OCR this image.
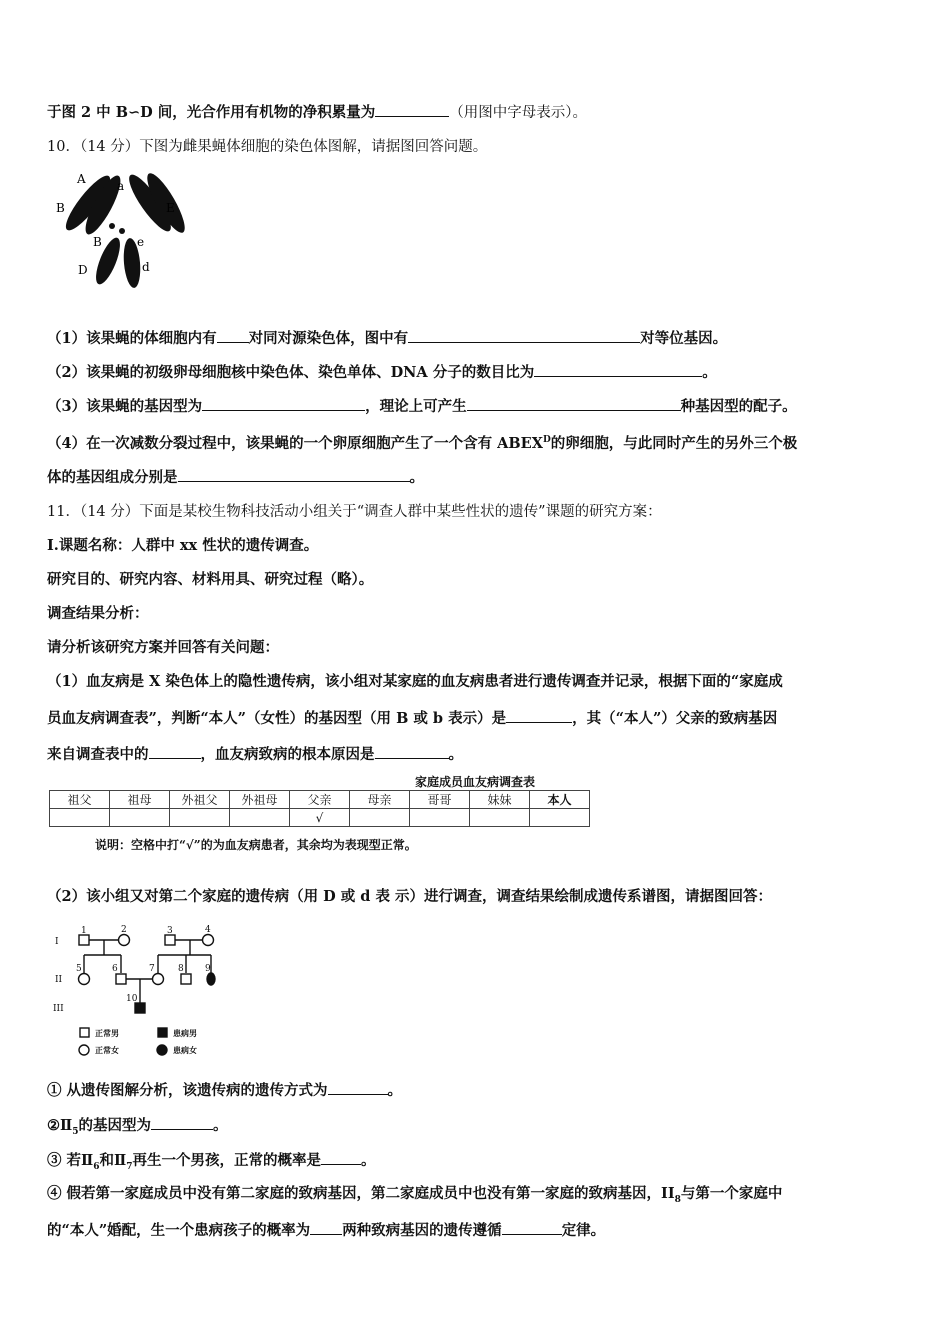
于图 2 中 B∽D 间，光合作用有机物的净积累量为	（用图中字母表示）。
10．（14 分）下图为雌果蝇体细胞的染色体图解，请据图回答问题。
A	a
B	E
e
B
D	d
（1）该果蝇的体细胞内有 对同对源染色体，图中有	对等位基因。
（2）该果蝇的初级卵母细胞核中染色体、染色单体、DNA 分子的数目比为	。
（3）该果蝇的基因型为	，理论上可产生	种基因型的配子。
（4）在一次减数分裂过程中，该果蝇的一个卵原细胞产生了一个含有 $ABEX^D$的卵细胞，与此同时产生的另外三个极
体的基因组成分别是	。
11．（14 分）下面是某校生物科技活动小组关于“调查人群中某些性状的遗传”课题的研究方案：
I.课题名称：人群中 xx 性状的遗传调查。
研究目的、研究内容、材料用具、研究过程（略）。
调查结果分析：
请分析该研究方案并回答有关问题：
（1）血友病是 X 染色体上的隐性遗传病，该小组对某家庭的血友病患者进行遗传调查并记录，根据下面的“家庭成
员血友病调查表”，判断“本人”（女性）的基因型（用 B 或 b 表示）是	，其（“本人”）父亲的致病基因
来自调查表中的	，血友病致病的根本原因是	。
家庭成员血友病调查表
祖父	祖母	外祖父	外祖母	父亲	母亲	哥哥	妹妹	本人
				√				
说明：空格中打“√”的为血友病患者，其余均为表现型正常。
（2）该小组又对第二个家庭的遗传病（用 D 或 d 表 示）进行调查，调查结果绘制成遗传系谱图，请据图回答：
I
II
III
1	2	3	4
5	6	7	8 9
10
正常男	患病男
正常女	患病女
① 从遗传图解分析，该遗传病的遗传方式为	。
$②Ⅱ_5$的基因型为	。
③ 若$Ⅱ_6$和$Ⅱ_7$再生一个男孩，正常的概率是	。
④ 假若第一家庭成员中没有第二家庭的致病基因，第二家庭成员中也没有第一家庭的致病基因，$II_8$与第一个家庭中
的“本人”婚配，生一个患病孩子的概率为 两种致病基因的遗传遵循	定律。
